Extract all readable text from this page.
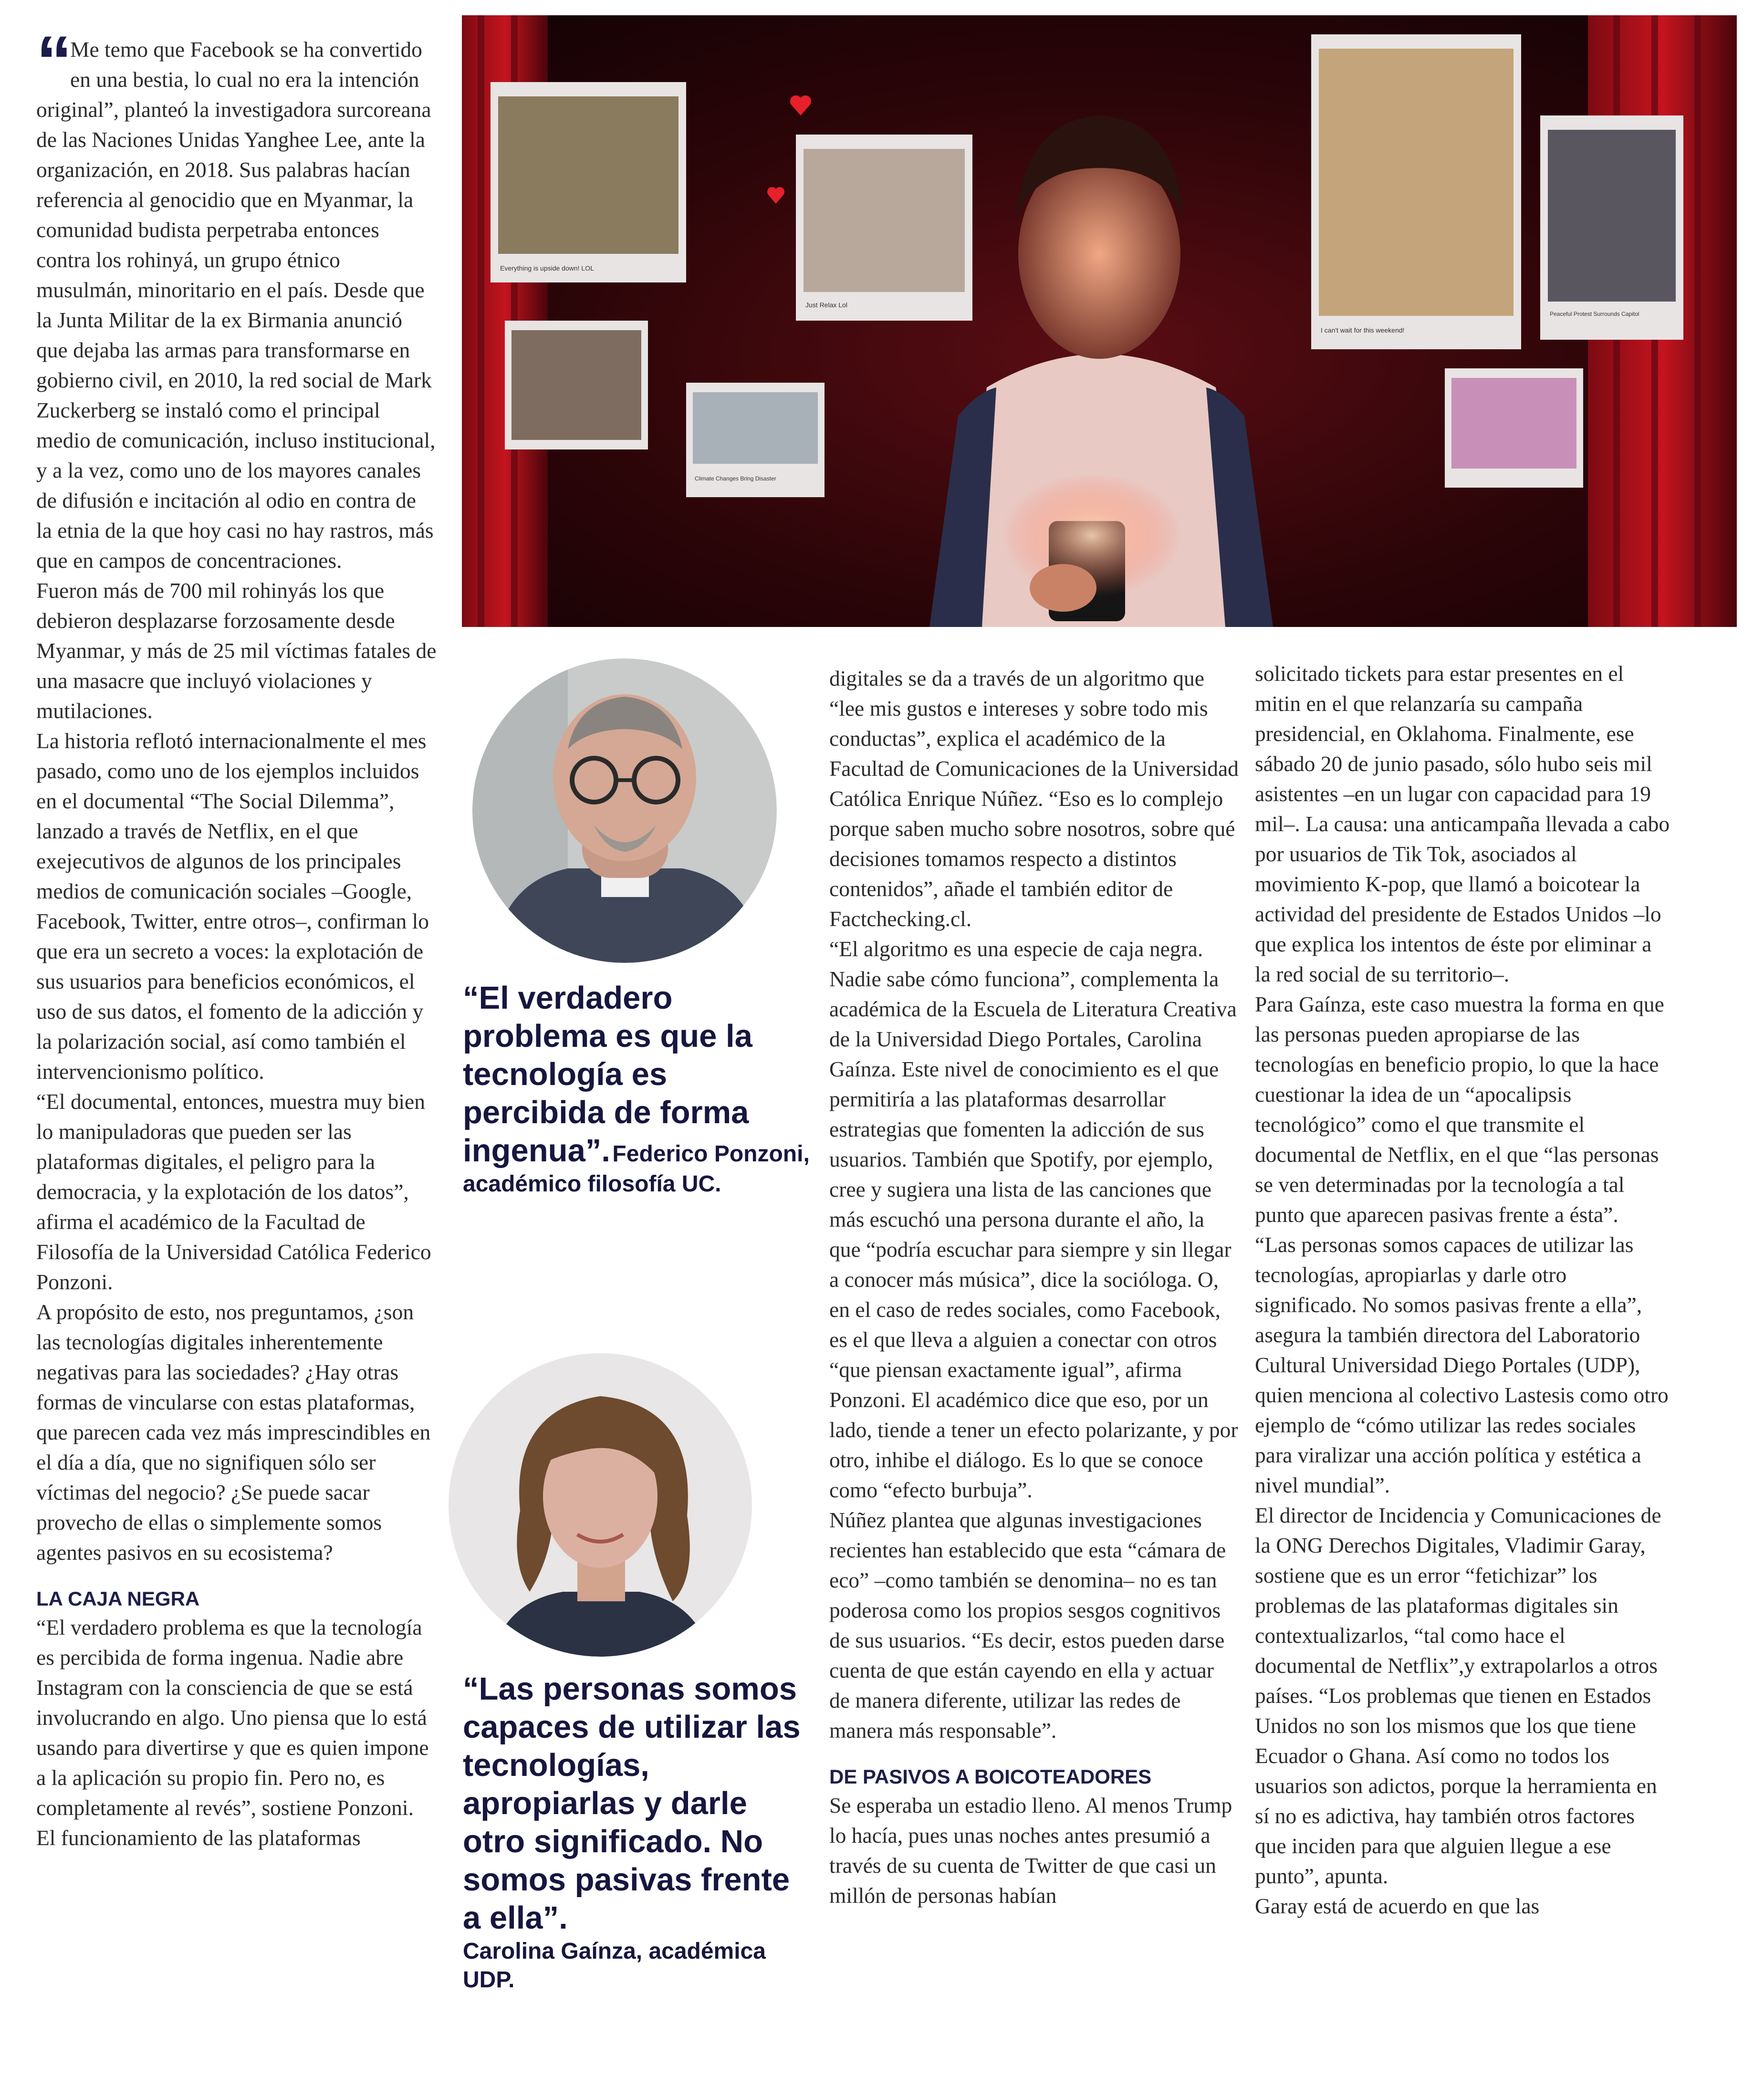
“ Me temo que Facebook se ha convertido en una bestia, lo cual no era la intención original”, planteó la investigadora surcoreana de las Naciones Unidas Yanghee Lee, ante la organización, en 2018. Sus palabras hacían referencia al genocidio que en Myanmar, la comunidad budista perpetraba entonces contra los rohinyá, un grupo étnico musulmán, minoritario en el país. Desde que la Junta Militar de la ex Birmania anunció que dejaba las armas para transformarse en gobierno civil, en 2010, la red social de Mark Zuckerberg se instaló como el principal medio de comunicación, incluso institucional, y a la vez, como uno de los mayores canales de difusión e incitación al odio en contra de la etnia de la que hoy casi no hay rastros, más que en campos de concentraciones.

Fueron más de 700 mil rohinyás los que debieron desplazarse forzosamente desde Myanmar, y más de 25 mil víctimas fatales de una masacre que incluyó violaciones y mutilaciones.

La historia reflotó internacionalmente el mes pasado, como uno de los ejemplos incluidos en el documental “The Social Dilemma”, lanzado a través de Netflix, en el que exejecutivos de algunos de los principales medios de comunicación sociales –Google, Facebook, Twitter, entre otros–, confirman lo que era un secreto a voces: la explotación de sus usuarios para beneficios económicos, el uso de sus datos, el fomento de la adicción y la polarización social, así como también el intervencionismo político.

“El documental, entonces, muestra muy bien lo manipuladoras que pueden ser las plataformas digitales, el peligro para la democracia, y la explotación de los datos”, afirma el académico de la Facultad de Filosofía de la Universidad Católica Federico Ponzoni.

A propósito de esto, nos preguntamos, ¿son las tecnologías digitales inherentemente negativas para las sociedades? ¿Hay otras formas de vincularse con estas plataformas, que parecen cada vez más imprescindibles en el día a día, que no signifiquen sólo ser víctimas del negocio? ¿Se puede sacar provecho de ellas o simplemente somos agentes pasivos en su ecosistema?

LA CAJA NEGRA

“El verdadero problema es que la tecnología es percibida de forma ingenua. Nadie abre Instagram con la consciencia de que se está involucrando en algo. Uno piensa que lo está usando para divertirse y que es quien impone a la aplicación su propio fin. Pero no, es completamente al revés”, sostiene Ponzoni.

El funcionamiento de las plataformas

Everything is upside down! LOL
Just Relax Lol
I can't wait for this weekend!
Peaceful Protest Surrounds Capitol
Climate Changes Bring Disaster
“El verdadero problema es que la tecnología es percibida de forma ingenua”. Federico Ponzoni, académico filosofía UC.
“Las personas somos capaces de utilizar las tecnologías, apropiarlas y darle otro significado. No somos pasivas frente a ella”.
Carolina Gaínza, académica UDP.

digitales se da a través de un algoritmo que “lee mis gustos e intereses y sobre todo mis conductas”, explica el académico de la Facultad de Comunicaciones de la Universidad Católica Enrique Núñez. “Eso es lo complejo porque saben mucho sobre nosotros, sobre qué decisiones tomamos respecto a distintos contenidos”, añade el también editor de Factchecking.cl.

“El algoritmo es una especie de caja negra. Nadie sabe cómo funciona”, complementa la académica de la Escuela de Literatura Creativa de la Universidad Diego Portales, Carolina Gaínza. Este nivel de conocimiento es el que permitiría a las plataformas desarrollar estrategias que fomenten la adicción de sus usuarios. También que Spotify, por ejemplo, cree y sugiera una lista de las canciones que más escuchó una persona durante el año, la que “podría escuchar para siempre y sin llegar a conocer más música”, dice la socióloga. O, en el caso de redes sociales, como Facebook, es el que lleva a alguien a conectar con otros “que piensan exactamente igual”, afirma Ponzoni. El académico dice que eso, por un lado, tiende a tener un efecto polarizante, y por otro, inhibe el diálogo. Es lo que se conoce como “efecto burbuja”.

Núñez plantea que algunas investigaciones recientes han establecido que esta “cámara de eco” –como también se denomina– no es tan poderosa como los propios sesgos cognitivos de sus usuarios. “Es decir, estos pueden darse cuenta de que están cayendo en ella y actuar de manera diferente, utilizar las redes de manera más responsable”.

DE PASIVOS A BOICOTEADORES

Se esperaba un estadio lleno. Al menos Trump lo hacía, pues unas noches antes presumió a través de su cuenta de Twitter de que casi un millón de personas habían

solicitado tickets para estar presentes en el mitin en el que relanzaría su campaña presidencial, en Oklahoma. Finalmente, ese sábado 20 de junio pasado, sólo hubo seis mil asistentes –en un lugar con capacidad para 19 mil–. La causa: una anticampaña llevada a cabo por usuarios de Tik Tok, asociados al movimiento K-pop, que llamó a boicotear la actividad del presidente de Estados Unidos –lo que explica los intentos de éste por eliminar a la red social de su territorio–.

Para Gaínza, este caso muestra la forma en que las personas pueden apropiarse de las tecnologías en beneficio propio, lo que la hace cuestionar la idea de un “apocalipsis tecnológico” como el que transmite el documental de Netflix, en el que “las personas se ven determinadas por la tecnología a tal punto que aparecen pasivas frente a ésta”.

“Las personas somos capaces de utilizar las tecnologías, apropiarlas y darle otro significado. No somos pasivas frente a ella”, asegura la también directora del Laboratorio Cultural Universidad Diego Portales (UDP), quien menciona al colectivo Lastesis como otro ejemplo de “cómo utilizar las redes sociales para viralizar una acción política y estética a nivel mundial”.

El director de Incidencia y Comunicaciones de la ONG Derechos Digitales, Vladimir Garay, sostiene que es un error “fetichizar” los problemas de las plataformas digitales sin contextualizarlos, “tal como hace el documental de Netflix”,y extrapolarlos a otros países. “Los problemas que tienen en Estados Unidos no son los mismos que los que tiene Ecuador o Ghana. Así como no todos los usuarios son adictos, porque la herramienta en sí no es adictiva, hay también otros factores que inciden para que alguien llegue a ese punto”, apunta.

Garay está de acuerdo en que las
